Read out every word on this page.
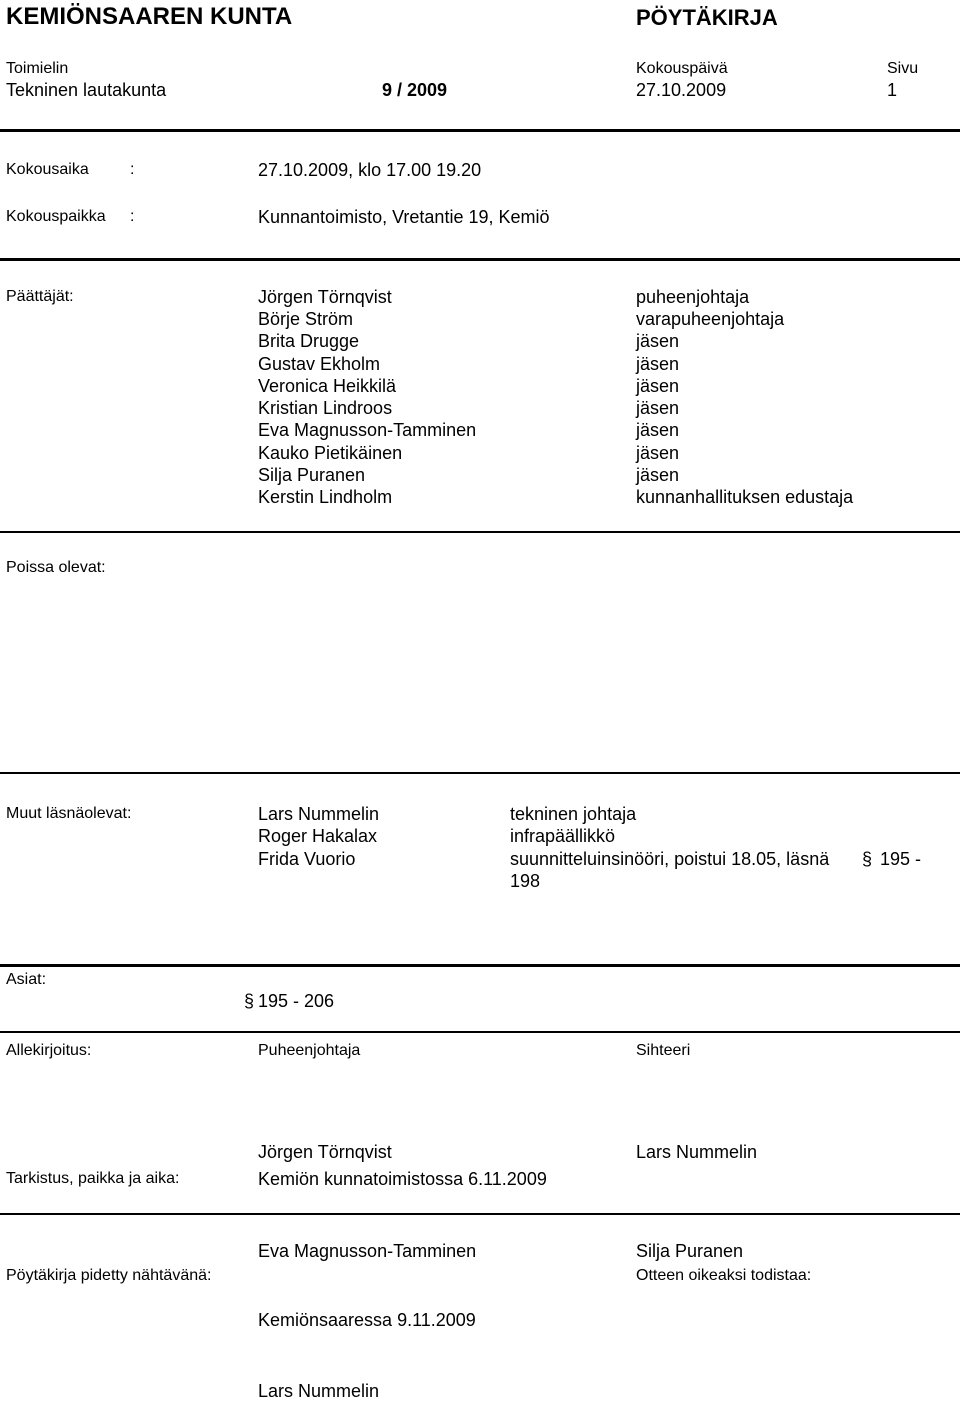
KEMIÖNSAAREN KUNTA	PÖYTÄKIRJA
Toimielin	Kokouspäivä	Sivu
Tekninen lautakunta	9 / 2009	27.10.2009	1
Kokousaika	:	27.10.2009, klo 17.00 19.20
Kokouspaikka :	Kunnantoimisto, Vretantie 19, Kemiö
Päättäjät:	Jörgen Törnqvist	puheenjohtaja
Börje Ström	varapuheenjohtaja
Brita Drugge	jäsen
Gustav Ekholm	jäsen
Veronica Heikkilä	jäsen
Kristian Lindroos	jäsen
Eva Magnusson-Tamminen	jäsen
Kauko Pietikäinen	jäsen
Silja Puranen	jäsen
Kerstin Lindholm	kunnanhallituksen edustaja
Poissa olevat:
Muut läsnäolevat:	Lars Nummelin	tekninen johtaja
Roger Hakalax	infrapäällikkö
Frida Vuorio	suunnitteluinsinööri, poistui 18.05, läsnä § 195 -
198
Asiat:
§ 195 - 206
Allekirjoitus:	Puheenjohtaja	Sihteeri
Jörgen Törnqvist	Lars Nummelin
Tarkistus, paikka ja aika:	Kemiön kunnatoimistossa 6.11.2009
Eva Magnusson-Tamminen	Silja Puranen
Pöytäkirja pidetty nähtävänä:	Otteen oikeaksi todistaa:
Kemiönsaaressa 9.11.2009
Lars Nummelin
